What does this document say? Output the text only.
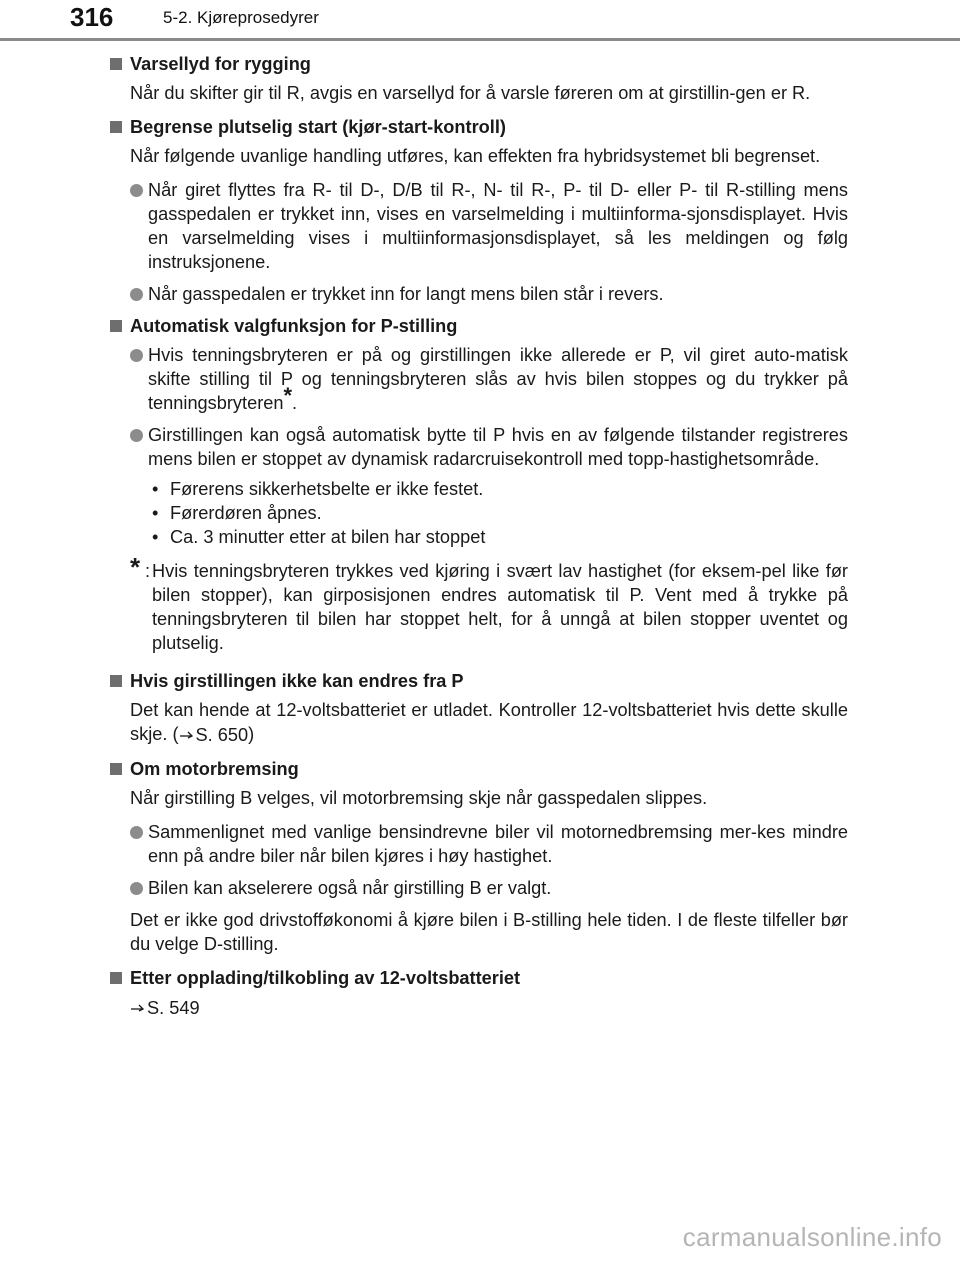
316	5-2. Kjøreprosedyrer
Varsellyd for rygging

Når du skifter gir til R, avgis en varsellyd for å varsle føreren om at girstillin-gen er R.

Begrense plutselig start (kjør-start-kontroll)

Når følgende uvanlige handling utføres, kan effekten fra hybridsystemet bli begrenset.

Når giret flyttes fra R- til D-, D/B til R-, N- til R-, P- til D- eller P- til R-stilling mens gasspedalen er trykket inn, vises en varselmelding i multiinforma-sjonsdisplayet. Hvis en varselmelding vises i multiinformasjonsdisplayet, så les meldingen og følg instruksjonene.
Når gasspedalen er trykket inn for langt mens bilen står i revers.
Automatisk valgfunksjon for P-stilling
Hvis tenningsbryteren er på og girstillingen ikke allerede er P, vil giret auto-matisk skifte stilling til P og tenningsbryteren slås av hvis bilen stoppes og du trykker på tenningsbryteren*.
Girstillingen kan også automatisk bytte til P hvis en av følgende tilstander registreres mens bilen er stoppet av dynamisk radarcruisekontroll med topp-hastighetsområde.
• Førerens sikkerhetsbelte er ikke festet.
• Førerdøren åpnes.
• Ca. 3 minutter etter at bilen har stoppet
* : Hvis tenningsbryteren trykkes ved kjøring i svært lav hastighet (for eksem-pel like før bilen stopper), kan girposisjonen endres automatisk til P. Vent med å trykke på tenningsbryteren til bilen har stoppet helt, for å unngå at bilen stopper uventet og plutselig.
Hvis girstillingen ikke kan endres fra P

Det kan hende at 12-voltsbatteriet er utladet. Kontroller 12-voltsbatteriet hvis dette skulle skje. ( S. 650 )

Om motorbremsing

Når girstilling B velges, vil motorbremsing skje når gasspedalen slippes.

Sammenlignet med vanlige bensindrevne biler vil motornedbremsing mer-kes mindre enn på andre biler når bilen kjøres i høy hastighet.
Bilen kan akselerere også når girstilling B er valgt.

Det er ikke god drivstofføkonomi å kjøre bilen i B-stilling hele tiden. I de fleste tilfeller bør du velge D-stilling.

Etter opplading/tilkobling av 12-voltsbatteriet

S. 549

carmanualsonline.info
